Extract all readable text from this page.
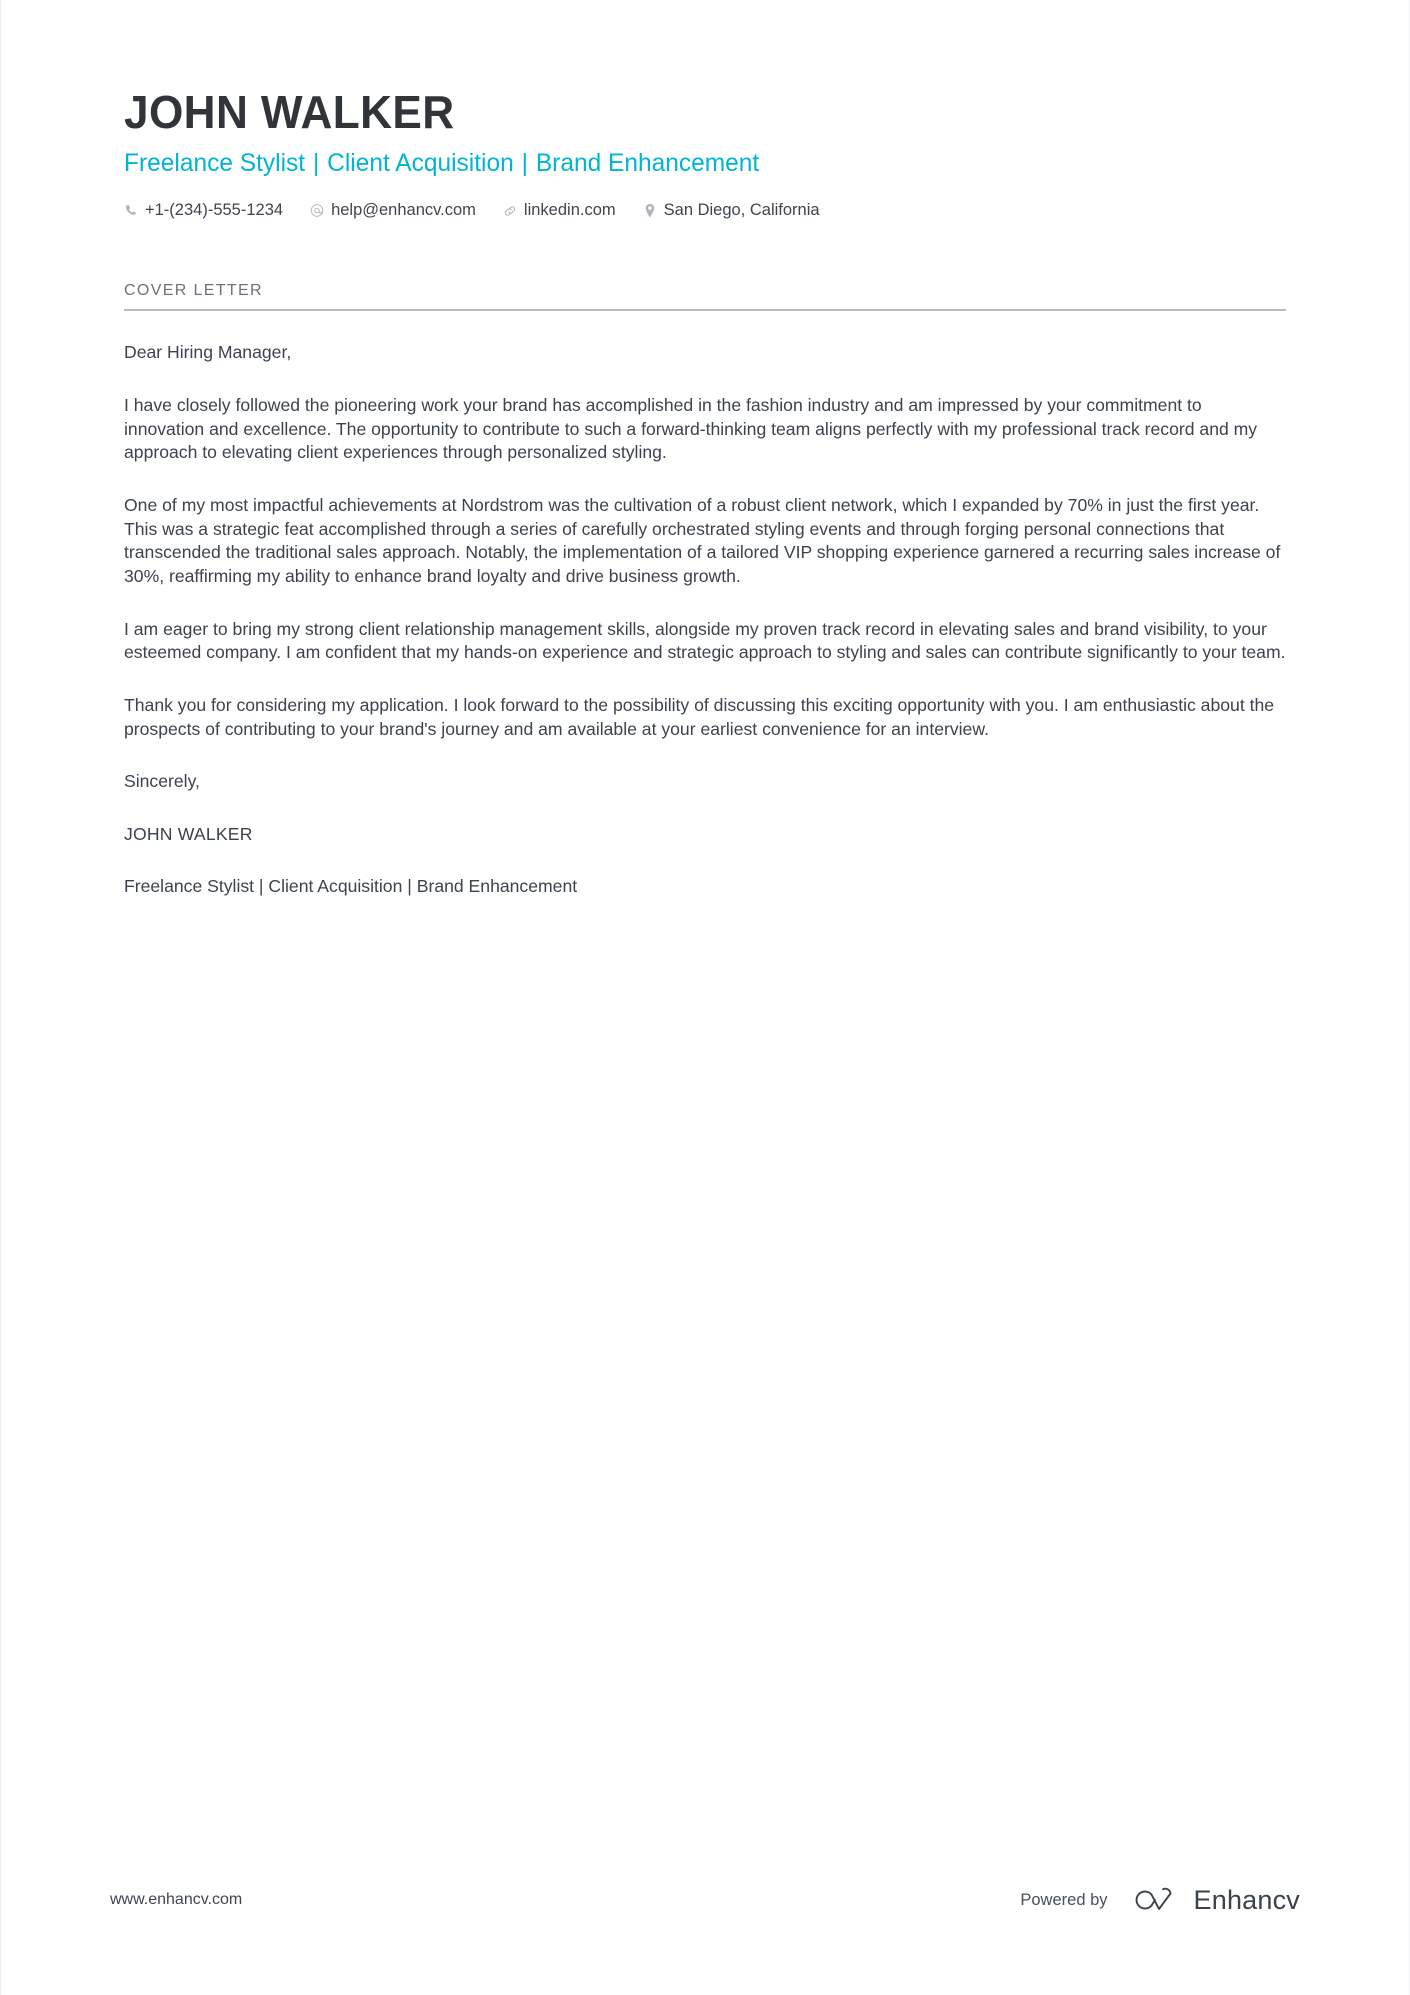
JOHN WALKER
Freelance Stylist | Client Acquisition | Brand Enhancement
+1-(234)-555-1234	help@enhancv.com	linkedin.com	San Diego, California
COVER LETTER

Dear Hiring Manager,

I have closely followed the pioneering work your brand has accomplished in the fashion industry and am impressed by your commitment to innovation and excellence. The opportunity to contribute to such a forward-thinking team aligns perfectly with my professional track record and my approach to elevating client experiences through personalized styling.

One of my most impactful achievements at Nordstrom was the cultivation of a robust client network, which I expanded by 70% in just the first year. This was a strategic feat accomplished through a series of carefully orchestrated styling events and through forging personal connections that transcended the traditional sales approach. Notably, the implementation of a tailored VIP shopping experience garnered a recurring sales increase of 30%, reaffirming my ability to enhance brand loyalty and drive business growth.

I am eager to bring my strong client relationship management skills, alongside my proven track record in elevating sales and brand visibility, to your esteemed company. I am confident that my hands-on experience and strategic approach to styling and sales can contribute significantly to your team.

Thank you for considering my application. I look forward to the possibility of discussing this exciting opportunity with you. I am enthusiastic about the prospects of contributing to your brand's journey and am available at your earliest convenience for an interview.

Sincerely,

JOHN WALKER

Freelance Stylist | Client Acquisition | Brand Enhancement

www.enhancv.com	Powered by	Enhancv
